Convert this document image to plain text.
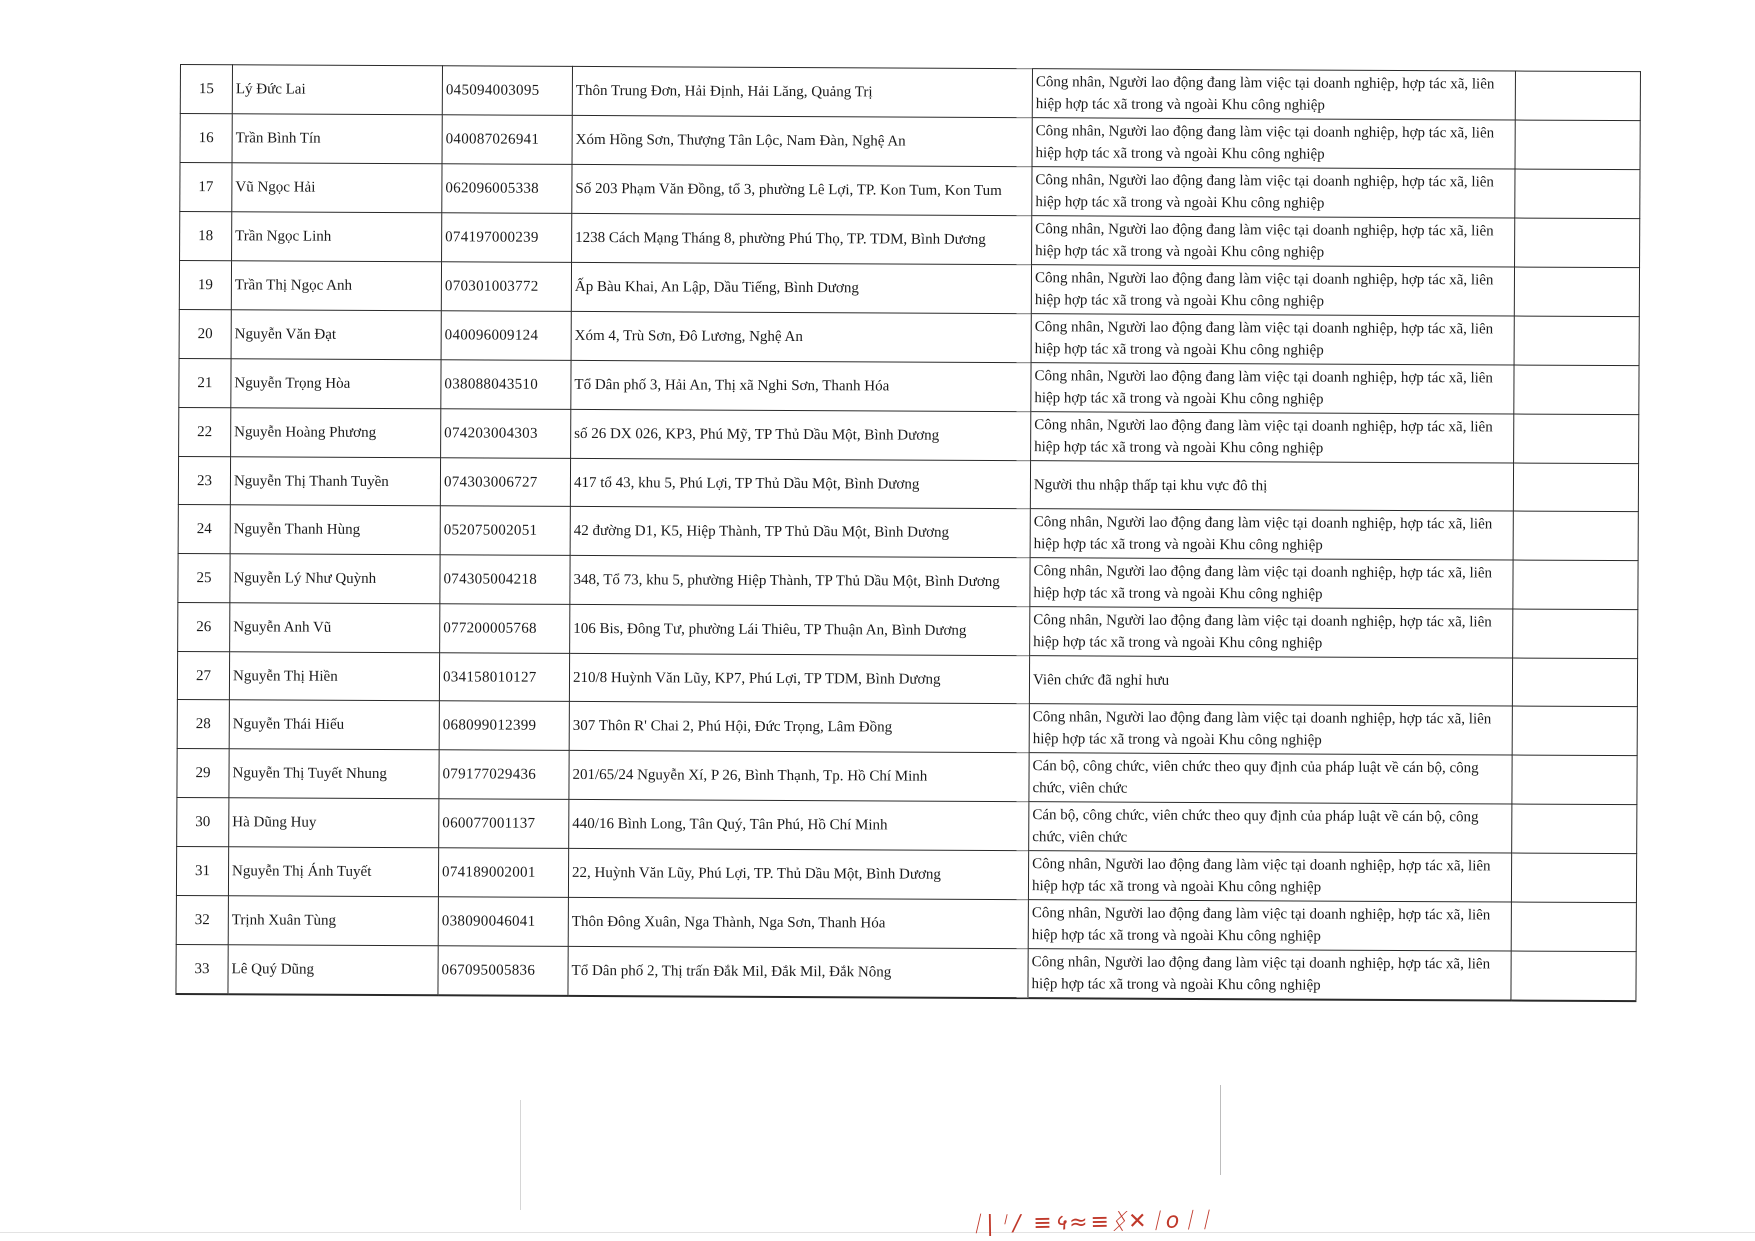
15	Lý Đức Lai	045094003095	Thôn Trung Đơn, Hải Định, Hải Lăng, Quảng Trị	Công nhân, Người lao động đang làm việc tại doanh nghiệp, hợp tác xã, liên hiệp hợp tác xã trong và ngoài Khu công nghiệp	
16	Trần Bình Tín	040087026941	Xóm Hồng Sơn, Thượng Tân Lộc, Nam Đàn, Nghệ An	Công nhân, Người lao động đang làm việc tại doanh nghiệp, hợp tác xã, liên hiệp hợp tác xã trong và ngoài Khu công nghiệp	
17	Vũ Ngọc Hải	062096005338	Số 203 Phạm Văn Đồng, tổ 3, phường Lê Lợi, TP. Kon Tum, Kon Tum	Công nhân, Người lao động đang làm việc tại doanh nghiệp, hợp tác xã, liên hiệp hợp tác xã trong và ngoài Khu công nghiệp	
18	Trần Ngọc Linh	074197000239	1238 Cách Mạng Tháng 8, phường Phú Thọ, TP. TDM, Bình Dương	Công nhân, Người lao động đang làm việc tại doanh nghiệp, hợp tác xã, liên hiệp hợp tác xã trong và ngoài Khu công nghiệp	
19	Trần Thị Ngọc Anh	070301003772	Ấp Bàu Khai, An Lập, Dầu Tiếng, Bình Dương	Công nhân, Người lao động đang làm việc tại doanh nghiệp, hợp tác xã, liên hiệp hợp tác xã trong và ngoài Khu công nghiệp	
20	Nguyễn Văn Đạt	040096009124	Xóm 4, Trù Sơn, Đô Lương, Nghệ An	Công nhân, Người lao động đang làm việc tại doanh nghiệp, hợp tác xã, liên hiệp hợp tác xã trong và ngoài Khu công nghiệp	
21	Nguyễn Trọng Hòa	038088043510	Tổ Dân phố 3, Hải An, Thị xã Nghi Sơn, Thanh Hóa	Công nhân, Người lao động đang làm việc tại doanh nghiệp, hợp tác xã, liên hiệp hợp tác xã trong và ngoài Khu công nghiệp	
22	Nguyễn Hoàng Phương	074203004303	số 26 DX 026, KP3, Phú Mỹ, TP Thủ Dầu Một, Bình Dương	Công nhân, Người lao động đang làm việc tại doanh nghiệp, hợp tác xã, liên hiệp hợp tác xã trong và ngoài Khu công nghiệp	
23	Nguyễn Thị Thanh Tuyền	074303006727	417 tổ 43, khu 5, Phú Lợi, TP Thủ Dầu Một, Bình Dương	Người thu nhập thấp tại khu vực đô thị	
24	Nguyễn Thanh Hùng	052075002051	42 đường D1, K5, Hiệp Thành, TP Thủ Dầu Một, Bình Dương	Công nhân, Người lao động đang làm việc tại doanh nghiệp, hợp tác xã, liên hiệp hợp tác xã trong và ngoài Khu công nghiệp	
25	Nguyễn Lý Như Quỳnh	074305004218	348, Tổ 73, khu 5, phường Hiệp Thành, TP Thủ Dầu Một, Bình Dương	Công nhân, Người lao động đang làm việc tại doanh nghiệp, hợp tác xã, liên hiệp hợp tác xã trong và ngoài Khu công nghiệp	
26	Nguyễn Anh Vũ	077200005768	106 Bis, Đông Tư, phường Lái Thiêu, TP Thuận An, Bình Dương	Công nhân, Người lao động đang làm việc tại doanh nghiệp, hợp tác xã, liên hiệp hợp tác xã trong và ngoài Khu công nghiệp	
27	Nguyễn Thị Hiền	034158010127	210/8 Huỳnh Văn Lũy, KP7, Phú Lợi, TP TDM, Bình Dương	Viên chức đã nghỉ hưu	
28	Nguyễn Thái Hiếu	068099012399	307 Thôn R' Chai 2, Phú Hội, Đức Trọng, Lâm Đồng	Công nhân, Người lao động đang làm việc tại doanh nghiệp, hợp tác xã, liên hiệp hợp tác xã trong và ngoài Khu công nghiệp	
29	Nguyễn Thị Tuyết Nhung	079177029436	201/65/24 Nguyễn Xí, P 26, Bình Thạnh, Tp. Hồ Chí Minh	Cán bộ, công chức, viên chức theo quy định của pháp luật về cán bộ, công chức, viên chức	
30	Hà Dũng Huy	060077001137	440/16 Bình Long, Tân Quý, Tân Phú, Hồ Chí Minh	Cán bộ, công chức, viên chức theo quy định của pháp luật về cán bộ, công chức, viên chức	
31	Nguyễn Thị Ánh Tuyết	074189002001	22, Huỳnh Văn Lũy, Phú Lợi, TP. Thủ Dầu Một, Bình Dương	Công nhân, Người lao động đang làm việc tại doanh nghiệp, hợp tác xã, liên hiệp hợp tác xã trong và ngoài Khu công nghiệp	
32	Trịnh Xuân Tùng	038090046041	Thôn Đông Xuân, Nga Thành, Nga Sơn, Thanh Hóa	Công nhân, Người lao động đang làm việc tại doanh nghiệp, hợp tác xã, liên hiệp hợp tác xã trong và ngoài Khu công nghiệp	
33	Lê Quý Dũng	067095005836	Tổ Dân phố 2, Thị trấn Đắk Mil, Đắk Mil, Đắk Nông	Công nhân, Người lao động đang làm việc tại doanh nghiệp, hợp tác xã, liên hiệp hợp tác xã trong và ngoài Khu công nghiệp	
ᛁ|ᛌ/ ≡५≈≡ᛝ✕ᛁoᛁᛁ
